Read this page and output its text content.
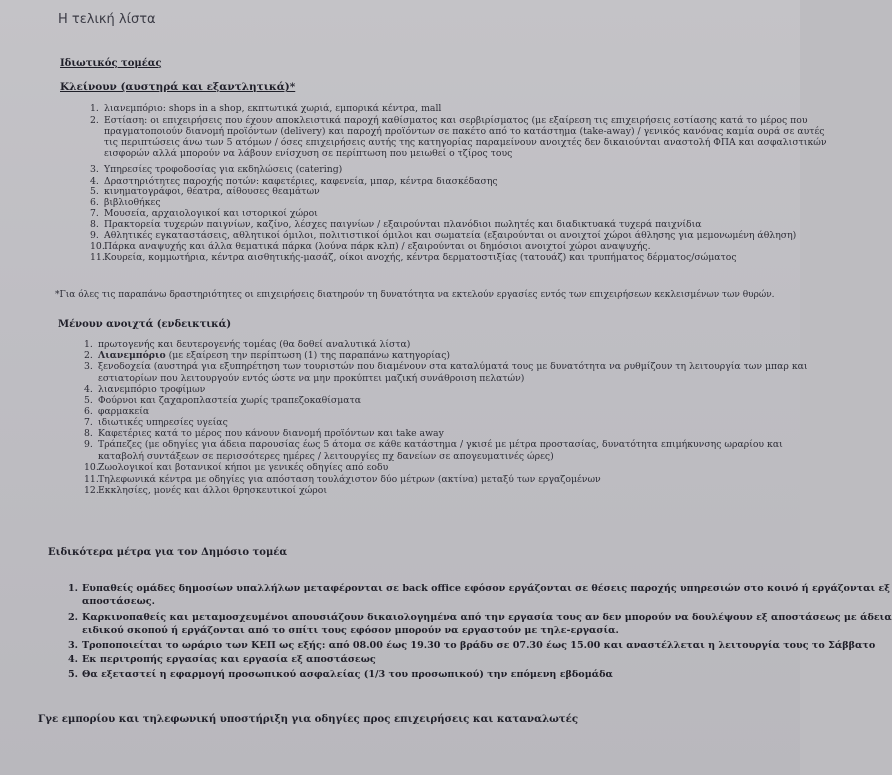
Η τελική λίστα
Ιδιωτικός τομέας
Κλείνουν (αυστηρά και εξαντλητικά)*
1. λιανεμπόριο: shops in a shop, εκπτωτικά χωριά, εμπορικά κέντρα, mall
2. Εστίαση: οι επιχειρήσεις που έχουν αποκλειστικά παροχή καθίσματος και σερβιρίσματος (με εξαίρεση τις επιχειρήσεις εστίασης κατά το μέρος που
πραγματοποιούν διανομή προϊόντων (delivery) και παροχή προϊόντων σε πακέτο από το κατάστημα (take-away) / γενικός κανόνας καμία ουρά σε αυτές
τις περιπτώσεις άνω των 5 ατόμων / όσες επιχειρήσεις αυτής της κατηγορίας παραμείνουν ανοιχτές δεν δικαιούνται αναστολή ΦΠΑ και ασφαλιστικών
εισφορών αλλά μπορούν να λάβουν ενίσχυση σε περίπτωση που μειωθεί ο τζίρος τους
3. Υπηρεσίες τροφοδοσίας για εκδηλώσεις (catering)
4. Δραστηριότητες παροχής ποτών: καφετέριες, καφενεία, μπαρ, κέντρα διασκέδασης
5. κινηματογράφοι, θέατρα, αίθουσες θεαμάτων
6. βιβλιοθήκες
7. Μουσεία, αρχαιολογικοί και ιστορικοί χώροι
8. Πρακτορεία τυχερών παιγνίων, καζίνο, λέσχες παιγνίων / εξαιρούνται πλανόδιοι πωλητές και διαδικτυακά τυχερά παιχνίδια
9. Αθλητικές εγκαταστάσεις, αθλητικοί όμιλοι, πολιτιστικοί όμιλοι και σωματεία (εξαιρούνται οι ανοιχτοί χώροι άθλησης για μεμονωμένη άθληση)
10.Πάρκα αναψυχής και άλλα θεματικά πάρκα (λούνα πάρκ κλπ) / εξαιρούνται οι δημόσιοι ανοιχτοί χώροι αναψυχής.
11.Κουρεία, κομμωτήρια, κέντρα αισθητικής-μασάζ, οίκοι ανοχής, κέντρα δερματοστιξίας (τατουάζ) και τρυπήματος δέρματος/σώματος
*Για όλες τις παραπάνω δραστηριότητες οι επιχειρήσεις διατηρούν τη δυνατότητα να εκτελούν εργασίες εντός των επιχειρήσεων κεκλεισμένων των θυρών.
Μένουν ανοιχτά (ενδεικτικά)
1. πρωτογενής και δευτερογενής τομέας (θα δοθεί αναλυτικά λίστα)
2. Λιανεμπόριο (με εξαίρεση την περίπτωση (1) της παραπάνω κατηγορίας)
3. ξενοδοχεία (αυστηρά για εξυπηρέτηση των τουριστών που διαμένουν στα καταλύματά τους με δυνατότητα να ρυθμίζουν τη λειτουργία των μπαρ και
εστιατορίων που λειτουργούν εντός ώστε να μην προκύπτει μαζική συνάθροιση πελατών)
4. λιανεμπόριο τροφίμων
5. Φούρνοι και ζαχαροπλαστεία χωρίς τραπεζοκαθίσματα
6. φαρμακεία
7. ιδιωτικές υπηρεσίες υγείας
8. Καφετέριες κατά το μέρος που κάνουν διανομή προϊόντων και take away
9. Τράπεζες (με οδηγίες για άδεια παρουσίας έως 5 άτομα σε κάθε κατάστημα / γκισέ με μέτρα προστασίας, δυνατότητα επιμήκυνσης ωραρίου και
καταβολή συντάξεων σε περισσότερες ημέρες / λειτουργίες πχ δανείων σε απογευματινές ώρες)
10.Ζωολογικοί και βοτανικοί κήποι με γενικές οδηγίες από εοδυ
11.Τηλεφωνικά κέντρα με οδηγίες για απόσταση τουλάχιστον δύο μέτρων (ακτίνα) μεταξύ των εργαζομένων
12.Εκκλησίες, μονές και άλλοι θρησκευτικοί χώροι
Ειδικότερα μέτρα για τον Δημόσιο τομέα
1. Ευπαθείς ομάδες δημοσίων υπαλλήλων μεταφέρονται σε back office εφόσον εργάζονται σε θέσεις παροχής υπηρεσιών στο κοινό ή εργάζονται εξ
αποστάσεως.
2. Καρκινοπαθείς και μεταμοσχευμένοι απουσιάζουν δικαιολογημένα από την εργασία τους αν δεν μπορούν να δουλέψουν εξ αποστάσεως με άδεια
ειδικού σκοπού ή εργάζονται από το σπίτι τους εφόσον μπορούν να εργαστούν με τηλε-εργασία.
3. Τροποποιείται το ωράριο των ΚΕΠ ως εξής: από 08.00 έως 19.30 το βράδυ σε 07.30 έως 15.00 και αναστέλλεται η λειτουργία τους το Σάββατο
4. Εκ περιτροπής εργασίας και εργασία εξ αποστάσεως
5. Θα εξεταστεί η εφαρμογή προσωπικού ασφαλείας (1/3 του προσωπικού) την επόμενη εβδομάδα
Γγε εμπορίου και τηλεφωνική υποστήριξη για οδηγίες προς επιχειρήσεις και καταναλωτές
